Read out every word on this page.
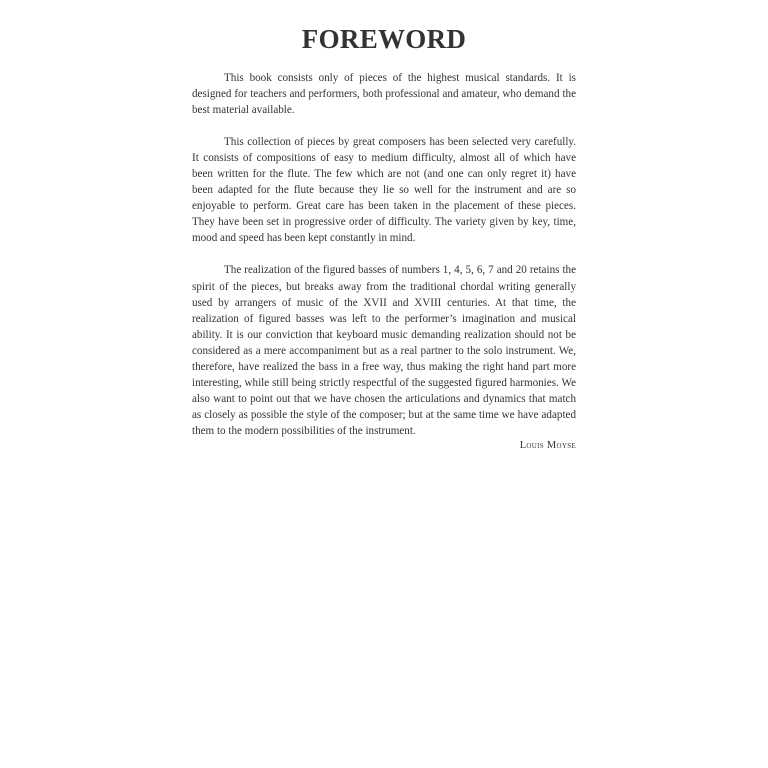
FOREWORD

This book consists only of pieces of the highest musical standards. It is designed for teachers and performers, both professional and amateur, who demand the best material available.

This collection of pieces by great composers has been selected very carefully. It consists of compositions of easy to medium difficulty, almost all of which have been written for the flute. The few which are not (and one can only regret it) have been adapted for the flute because they lie so well for the instrument and are so enjoyable to perform. Great care has been taken in the placement of these pieces. They have been set in progressive order of difficulty. The variety given by key, time, mood and speed has been kept constantly in mind.

The realization of the figured basses of numbers 1, 4, 5, 6, 7 and 20 retains the spirit of the pieces, but breaks away from the traditional chordal writing generally used by arrangers of music of the XVII and XVIII centuries. At that time, the realization of figured basses was left to the performer’s imagination and musical ability. It is our conviction that keyboard music demanding realization should not be considered as a mere accompaniment but as a real partner to the solo instrument. We, therefore, have realized the bass in a free way, thus making the right hand part more interesting, while still being strictly respectful of the suggested figured harmonies. We also want to point out that we have chosen the articulations and dynamics that match as closely as possible the style of the composer; but at the same time we have adapted them to the modern possibilities of the instrument.

Louis Moyse
